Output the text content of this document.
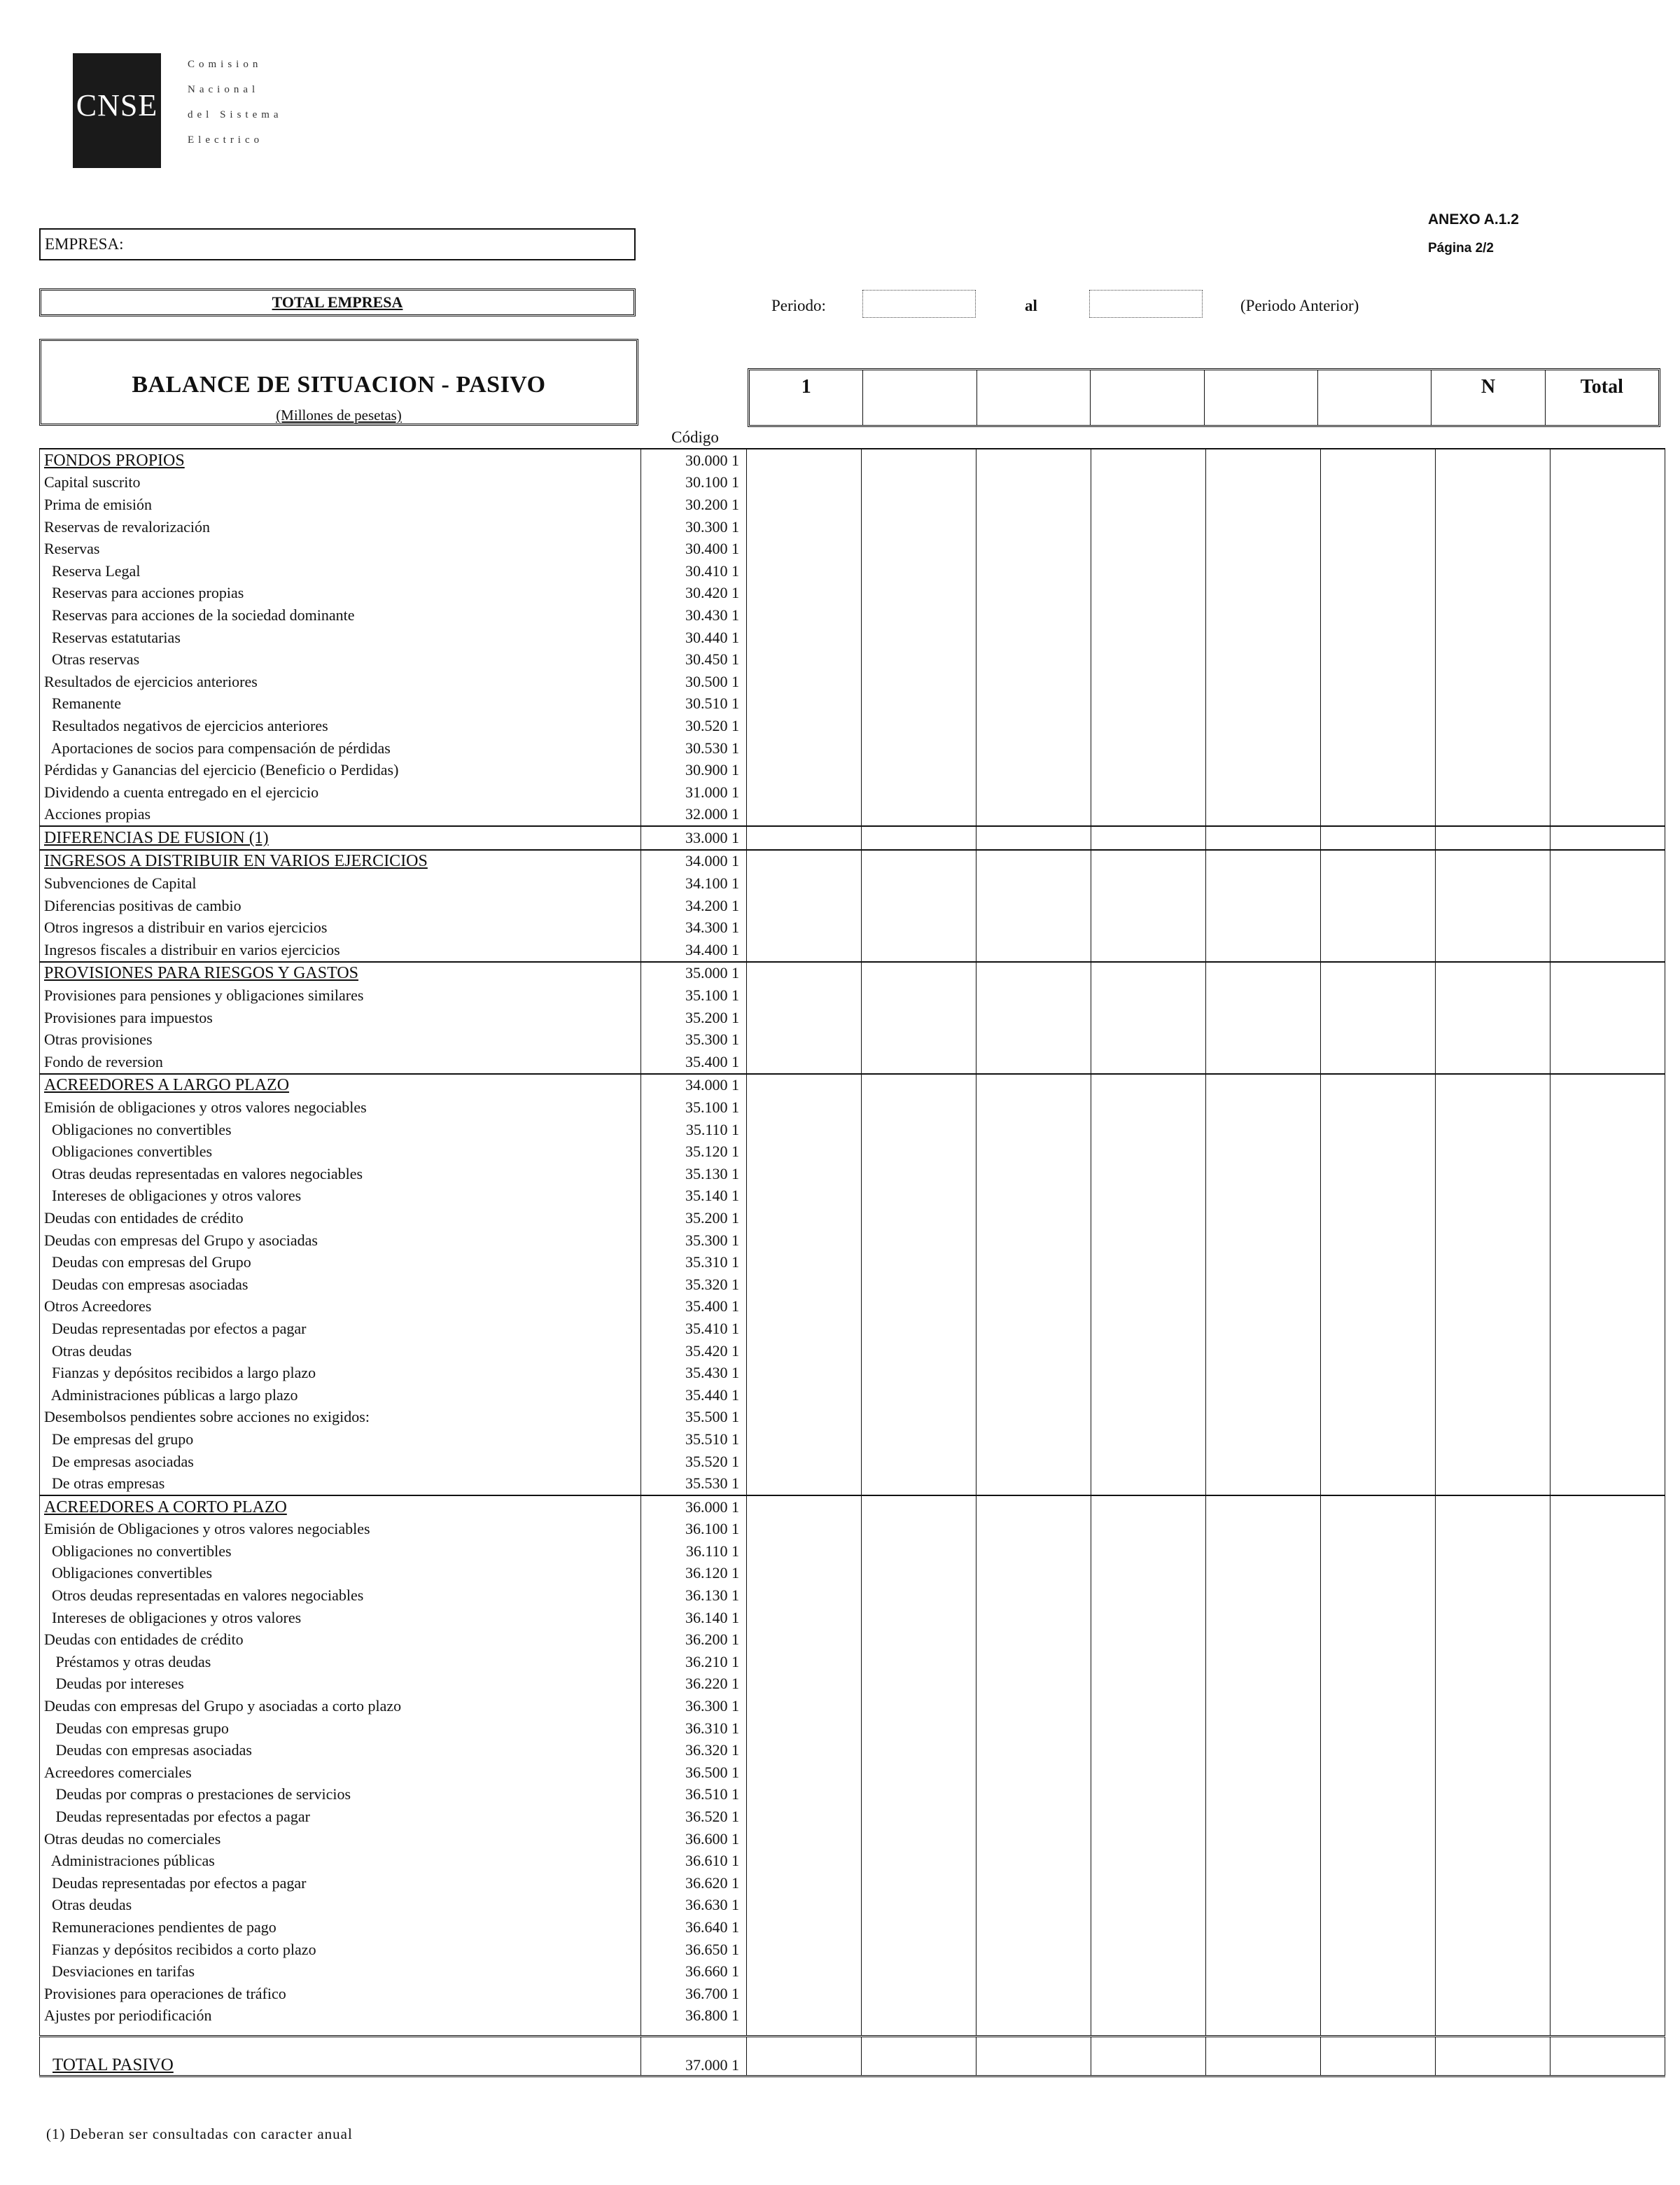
CNSE
Comision
Nacional
del Sistema
Electrico
EMPRESA:
TOTAL EMPRESA
ANEXO A.1.2
Página 2/2
Periodo:	al	(Periodo Anterior)
BALANCE DE SITUACION - PASIVO
(Millones de pesetas)
1	N	Total
Código
FONDOS PROPIOS	30.000 1								
Capital suscrito	30.100 1								
Prima de emisión	30.200 1								
Reservas de revalorización	30.300 1								
Reservas	30.400 1								
Reserva Legal	30.410 1								
Reservas para acciones propias	30.420 1								
Reservas para acciones de la sociedad dominante	30.430 1								
Reservas estatutarias	30.440 1								
Otras reservas	30.450 1								
Resultados de ejercicios anteriores	30.500 1								
Remanente	30.510 1								
Resultados negativos de ejercicios anteriores	30.520 1								
Aportaciones de socios para compensación de pérdidas	30.530 1								
Pérdidas y Ganancias del ejercicio (Beneficio o Perdidas)	30.900 1								
Dividendo a cuenta entregado en el ejercicio	31.000 1								
Acciones propias	32.000 1								
DIFERENCIAS DE FUSION (1)	33.000 1								
INGRESOS A DISTRIBUIR EN VARIOS EJERCICIOS	34.000 1								
Subvenciones de Capital	34.100 1								
Diferencias positivas de cambio	34.200 1								
Otros ingresos a distribuir en varios ejercicios	34.300 1								
Ingresos fiscales a distribuir en varios ejercicios	34.400 1								
PROVISIONES PARA RIESGOS Y GASTOS	35.000 1								
Provisiones para pensiones y obligaciones similares	35.100 1								
Provisiones para impuestos	35.200 1								
Otras provisiones	35.300 1								
Fondo de reversion	35.400 1								
ACREEDORES A LARGO PLAZO	34.000 1								
Emisión de obligaciones y otros valores negociables	35.100 1								
Obligaciones no convertibles	35.110 1								
Obligaciones convertibles	35.120 1								
Otras deudas representadas en valores negociables	35.130 1								
Intereses de obligaciones y otros valores	35.140 1								
Deudas con entidades de crédito	35.200 1								
Deudas con empresas del Grupo y asociadas	35.300 1								
Deudas con empresas del Grupo	35.310 1								
Deudas con empresas asociadas	35.320 1								
Otros Acreedores	35.400 1								
Deudas representadas por efectos a pagar	35.410 1								
Otras deudas	35.420 1								
Fianzas y depósitos recibidos a largo plazo	35.430 1								
Administraciones públicas a largo plazo	35.440 1								
Desembolsos pendientes sobre acciones no exigidos:	35.500 1								
De empresas del grupo	35.510 1								
De empresas asociadas	35.520 1								
De otras empresas	35.530 1								
ACREEDORES A CORTO PLAZO	36.000 1								
Emisión de Obligaciones y otros valores negociables	36.100 1								
Obligaciones no convertibles	36.110 1								
Obligaciones convertibles	36.120 1								
Otros deudas representadas en valores negociables	36.130 1								
Intereses de obligaciones y otros valores	36.140 1								
Deudas con entidades de crédito	36.200 1								
Préstamos y otras deudas	36.210 1								
Deudas por intereses	36.220 1								
Deudas con empresas del Grupo y asociadas a corto plazo	36.300 1								
Deudas con empresas grupo	36.310 1								
Deudas con empresas asociadas	36.320 1								
Acreedores comerciales	36.500 1								
Deudas por compras o prestaciones de servicios	36.510 1								
Deudas representadas por efectos a pagar	36.520 1								
Otras deudas no comerciales	36.600 1								
Administraciones públicas	36.610 1								
Deudas representadas por efectos a pagar	36.620 1								
Otras deudas	36.630 1								
Remuneraciones pendientes de pago	36.640 1								
Fianzas y depósitos recibidos a corto plazo	36.650 1								
Desviaciones en tarifas	36.660 1								
Provisiones para operaciones de tráfico	36.700 1								
Ajustes por periodificación	36.800 1								

TOTAL PASIVO	37.000 1								
(1) Deberan ser consultadas con caracter anual
